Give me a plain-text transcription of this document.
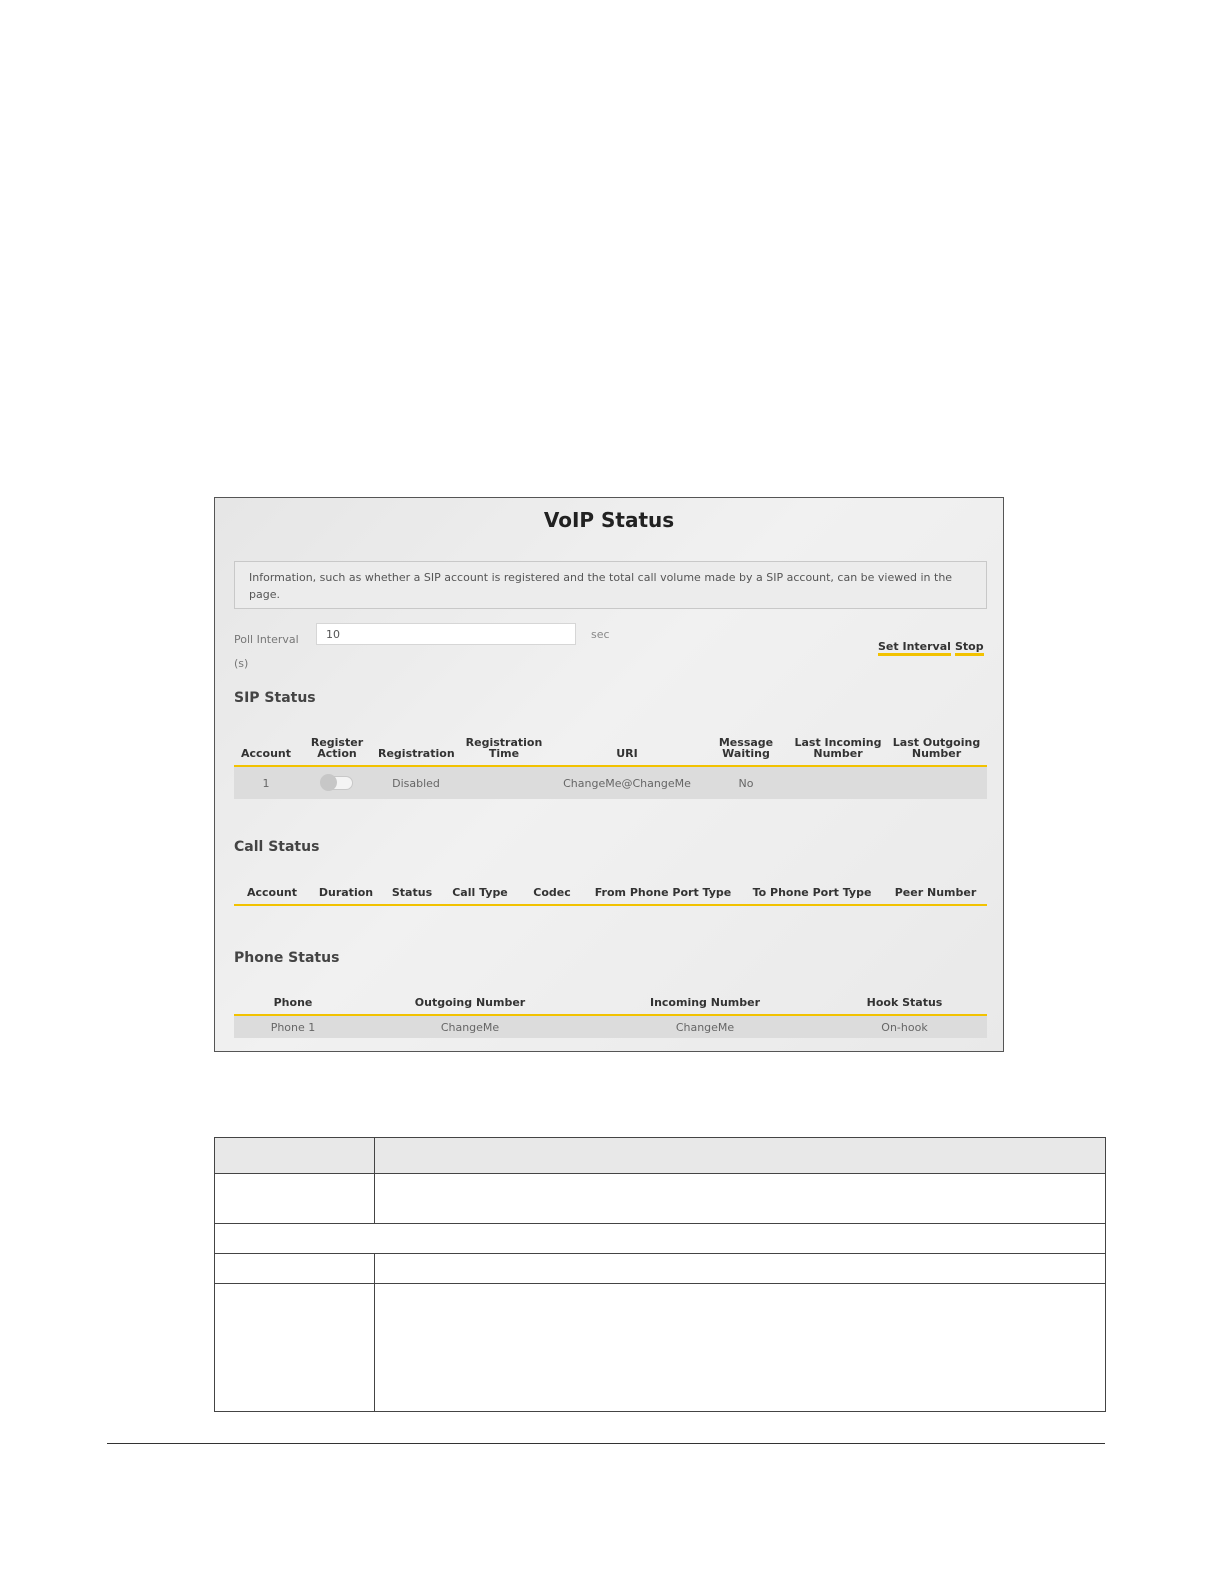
VoIP Status
Information, such as whether a SIP account is registered and the total call volume made by a SIP account, can be viewed in the page.
Poll Interval (s)
10
sec
Set Interval Stop
SIP Status
Account	Register Action	Registration	Registration Time	URI	Message Waiting	Last Incoming Number	Last Outgoing Number
1		Disabled		ChangeMe@ChangeMe	No		
Call Status
Account	Duration	Status	Call Type	Codec	From Phone Port Type	To Phone Port Type	Peer Number
Phone Status
Phone	Outgoing Number	Incoming Number	Hook Status
Phone 1	ChangeMe	ChangeMe	On-hook
